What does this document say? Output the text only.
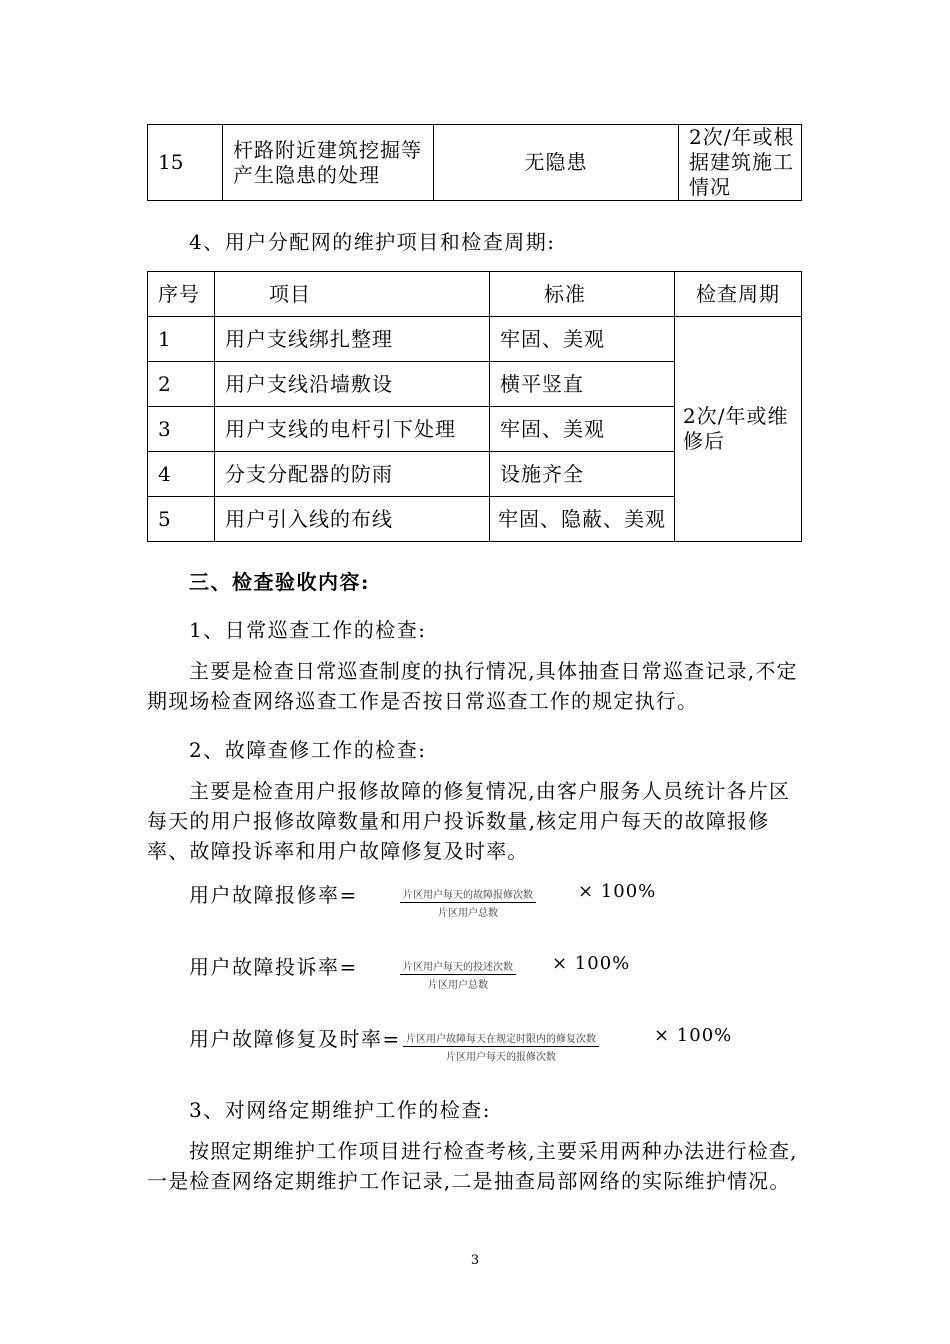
15	杆路附近建筑挖掘等产生隐患的处理	无隐患	2次/年或根据建筑施工情况
4、用户分配网的维护项目和检查周期:
序号	项目	标准	检查周期
1	用户支线绑扎整理	牢固、美观	2次/年或维修后
2	用户支线沿墙敷设	横平竖直	
3	用户支线的电杆引下处理	牢固、美观	
4	分支分配器的防雨	设施齐全	
5	用户引入线的布线	牢固、隐蔽、美观	
三、检查验收内容:
1、日常巡查工作的检查:
主要是检查日常巡查制度的执行情况,具体抽查日常巡查记录,不定期现场检查网络巡查工作是否按日常巡查工作的规定执行。
2、故障查修工作的检查:
主要是检查用户报修故障的修复情况,由客户服务人员统计各片区每天的用户报修故障数量和用户投诉数量,核定用户每天的故障报修率、故障投诉率和用户故障修复及时率。
用户故障报修率=	片区用户每天的故障报修次数
片区用户总数
× 100%
用户故障投诉率=	片区用户每天的投述次数
片区用户总数
× 100%
用户故障修复及时率= 片区用户故障每天在规定时限内的修复次数
片区用户每天的报修次数
× 100%
3、对网络定期维护工作的检查:
按照定期维护工作项目进行检查考核,主要采用两种办法进行检查,一是检查网络定期维护工作记录,二是抽查局部网络的实际维护情况。
3
